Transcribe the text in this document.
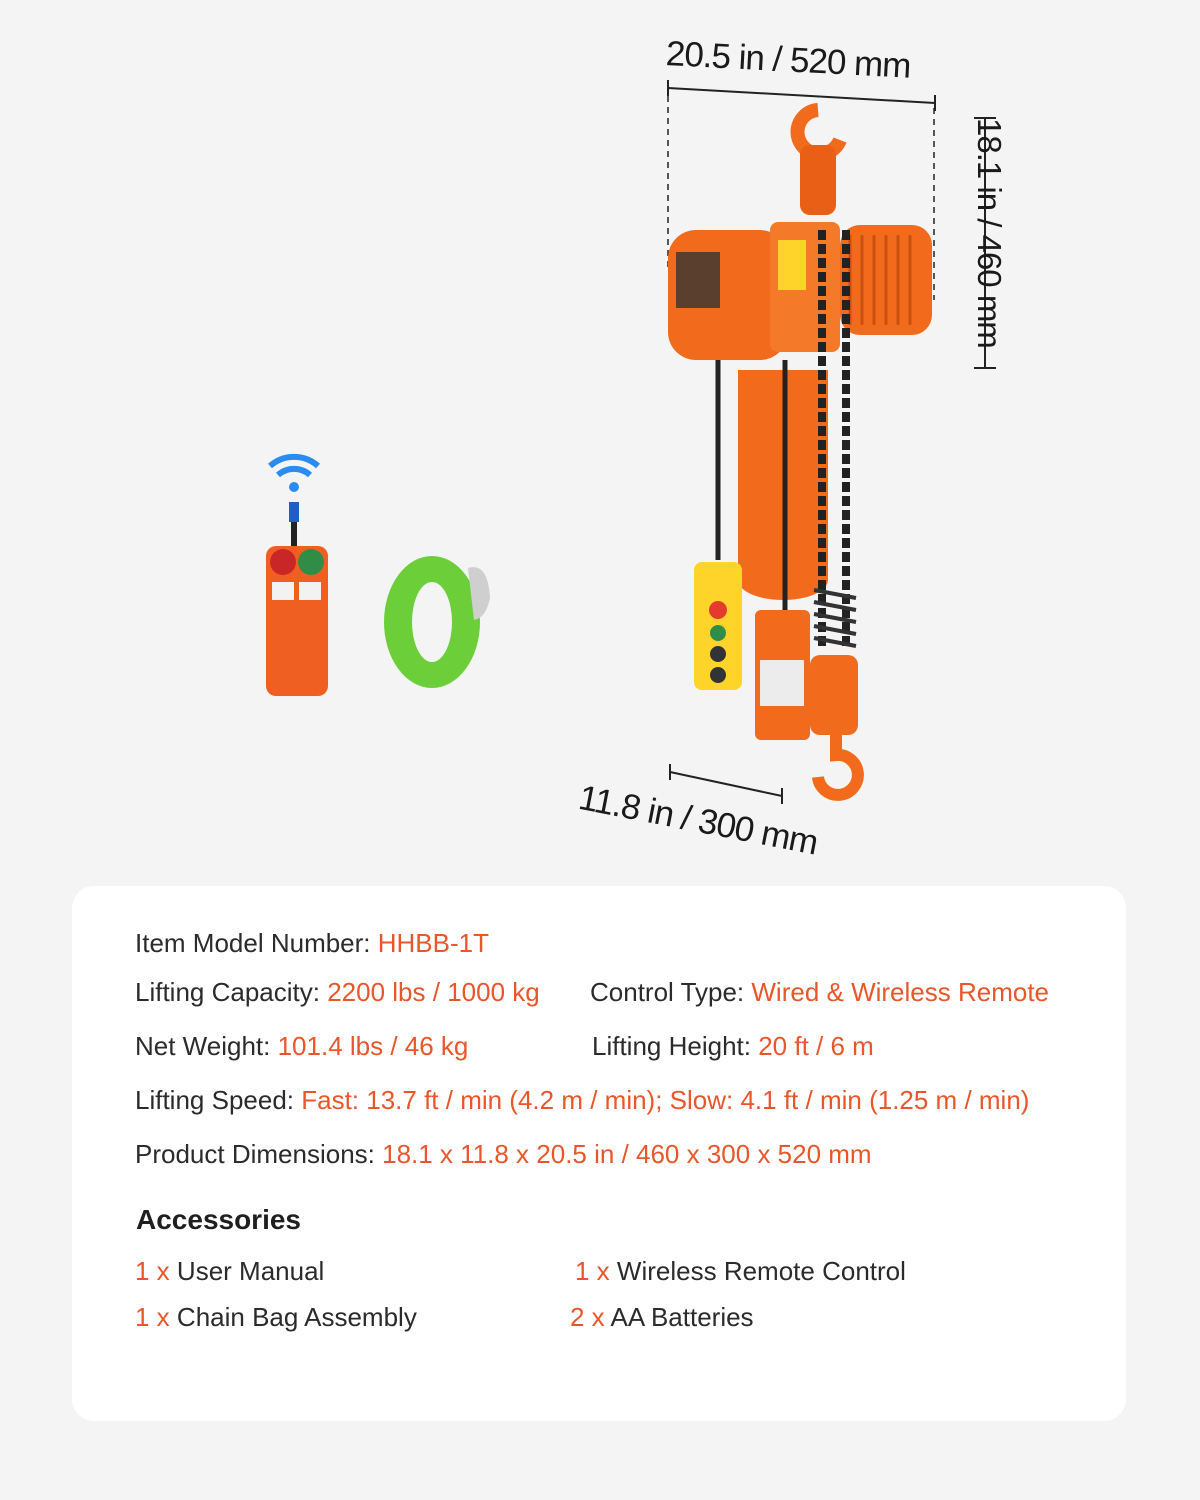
20.5 in / 520 mm
18.1 in / 460 mm
11.8 in / 300 mm
Item Model Number: HHBB-1T
Lifting Capacity: 2200 lbs / 1000 kg Control Type: Wired & Wireless Remote
Net Weight: 101.4 lbs / 46 kg	Lifting Height: 20 ft / 6 m
Lifting Speed: Fast: 13.7 ft / min (4.2 m / min); Slow: 4.1 ft / min (1.25 m / min)
Product Dimensions: 18.1 x 11.8 x 20.5 in / 460 x 300 x 520 mm
Accessories
1 x User Manual	1 x Wireless Remote Control
1 x Chain Bag Assembly	2 x AA Batteries
